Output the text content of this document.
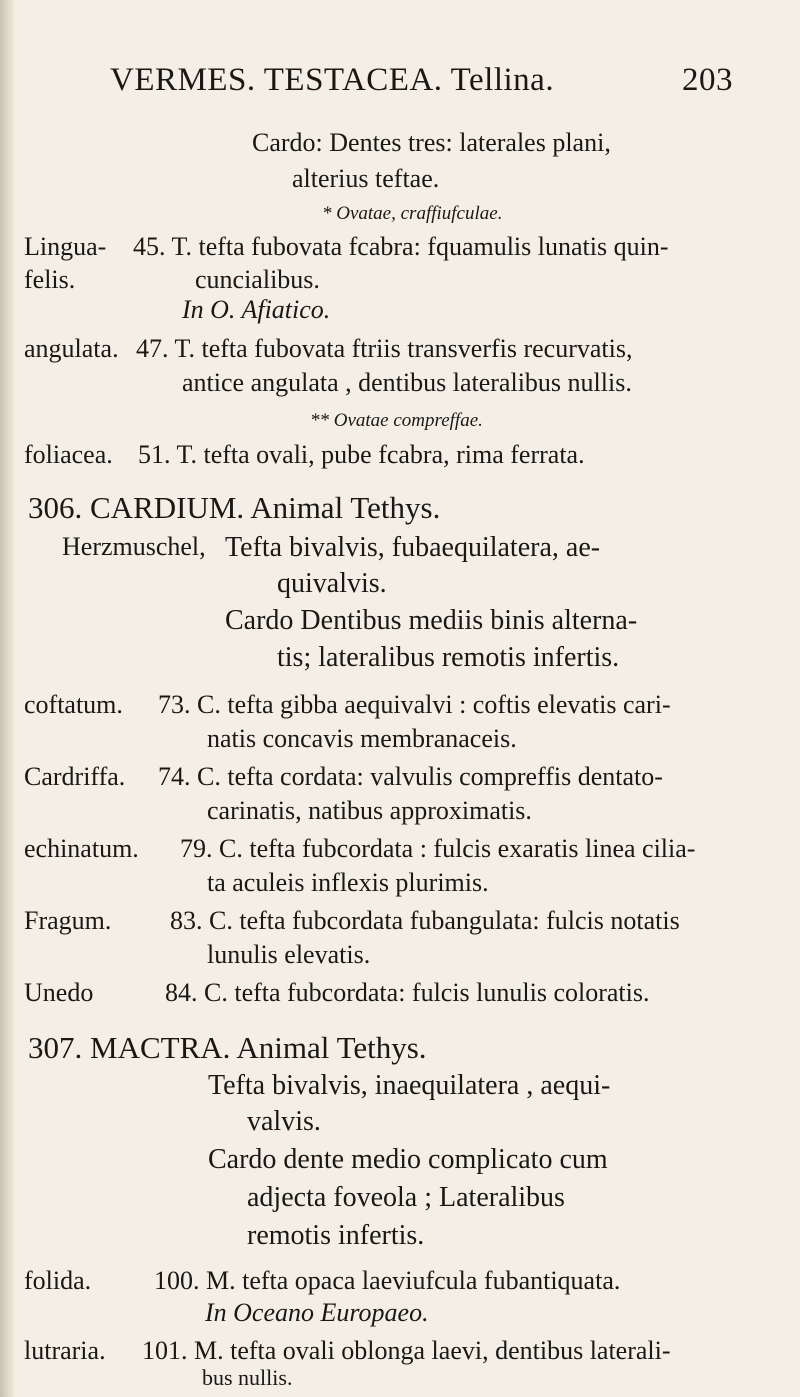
VERMES. TESTACEA. Tellina.	203
Cardo: Dentes tres: laterales plani,
alterius teftae.
* Ovatae, craffiufculae.
Lingua- 45. T. tefta fubovata fcabra: fquamulis lunatis quin-
felis.	cuncialibus.
In O. Afiatico.
angulata. 47. T. tefta fubovata ftriis transverfis recurvatis,
antice angulata , dentibus lateralibus nullis.
** Ovatae compreffae.
foliacea. 51. T. tefta ovali, pube fcabra, rima ferrata.
306. CARDIUM. Animal Tethys.
Herzmuschel, Tefta bivalvis, fubaequilatera, ae-
quivalvis.
Cardo Dentibus mediis binis alterna-
tis; lateralibus remotis infertis.
coftatum. 73. C. tefta gibba aequivalvi : coftis elevatis cari-
natis concavis membranaceis.
Cardriffa. 74. C. tefta cordata: valvulis compreffis dentato-
carinatis, natibus approximatis.
echinatum. 79. C. tefta fubcordata : fulcis exaratis linea cilia-
ta aculeis inflexis plurimis.
Fragum. 83. C. tefta fubcordata fubangulata: fulcis notatis
lunulis elevatis.
Unedo	84. C. tefta fubcordata: fulcis lunulis coloratis.
307. MACTRA. Animal Tethys.
Tefta bivalvis, inaequilatera , aequi-
valvis.
Cardo dente medio complicato cum
adjecta foveola ; Lateralibus
remotis infertis.
folida. 100. M. tefta opaca laeviufcula fubantiquata.
In Oceano Europaeo.
lutraria. 101. M. tefta ovali oblonga laevi, dentibus laterali-
bus nullis.
